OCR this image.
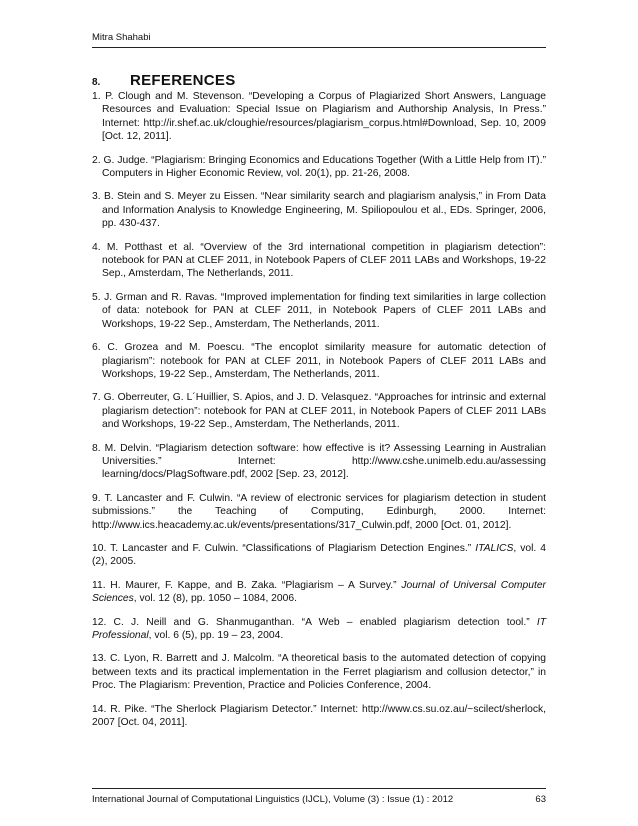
Mitra Shahabi
8.	REFERENCES

1. P. Clough and M. Stevenson. “Developing a Corpus of Plagiarized Short Answers, Language Resources and Evaluation: Special Issue on Plagiarism and Authorship Analysis, In Press.” Internet: http://ir.shef.ac.uk/cloughie/resources/plagiarism_corpus.html#Download, Sep. 10, 2009 [Oct. 12, 2011].

2. G. Judge. “Plagiarism: Bringing Economics and Educations Together (With a Little Help from IT).” Computers in Higher Economic Review, vol. 20(1), pp. 21-26, 2008.

3. B. Stein and S. Meyer zu Eissen. “Near similarity search and plagiarism analysis,” in From Data and Information Analysis to Knowledge Engineering, M. Spiliopoulou et al., EDs. Springer, 2006, pp. 430-437.

4. M. Potthast et al. “Overview of the 3rd international competition in plagiarism detection”: notebook for PAN at CLEF 2011, in Notebook Papers of CLEF 2011 LABs and Workshops, 19-22 Sep., Amsterdam, The Netherlands, 2011.

5. J. Grman and R. Ravas. “Improved implementation for finding text similarities in large collection of data: notebook for PAN at CLEF 2011, in Notebook Papers of CLEF 2011 LABs and Workshops, 19-22 Sep., Amsterdam, The Netherlands, 2011.

6. C. Grozea and M. Poescu. “The encoplot similarity measure for automatic detection of plagiarism”: notebook for PAN at CLEF 2011, in Notebook Papers of CLEF 2011 LABs and Workshops, 19-22 Sep., Amsterdam, The Netherlands, 2011.

7. G. Oberreuter, G. L´Huillier, S. Apios, and J. D. Velasquez. “Approaches for intrinsic and external plagiarism detection”: notebook for PAN at CLEF 2011, in Notebook Papers of CLEF 2011 LABs and Workshops, 19-22 Sep., Amsterdam, The Netherlands, 2011.

8. M. Delvin. “Plagiarism detection software: how effective is it? Assessing Learning in Australian Universities.” Internet: http://www.cshe.unimelb.edu.au/assessing learning/docs/PlagSoftware.pdf, 2002 [Sep. 23, 2012].

9. T. Lancaster and F. Culwin. “A review of electronic services for plagiarism detection in student submissions.” the Teaching of Computing, Edinburgh, 2000. Internet: http://www.ics.heacademy.ac.uk/events/presentations/317_Culwin.pdf, 2000 [Oct. 01, 2012].

10. T. Lancaster and F. Culwin. “Classifications of Plagiarism Detection Engines.” ITALICS, vol. 4 (2), 2005.

11. H. Maurer, F. Kappe, and B. Zaka. “Plagiarism – A Survey.” Journal of Universal Computer Sciences, vol. 12 (8), pp. 1050 – 1084, 2006.

12. C. J. Neill and G. Shanmuganthan. “A Web – enabled plagiarism detection tool.” IT Professional, vol. 6 (5), pp. 19 – 23, 2004.

13. C. Lyon, R. Barrett and J. Malcolm. “A theoretical basis to the automated detection of copying between texts and its practical implementation in the Ferret plagiarism and collusion detector,” in Proc. The Plagiarism: Prevention, Practice and Policies Conference, 2004.

14. R. Pike. “The Sherlock Plagiarism Detector.” Internet: http://www.cs.su.oz.au/~scilect/sherlock, 2007 [Oct. 04, 2011].

International Journal of Computational Linguistics (IJCL), Volume (3) : Issue (1) : 2012	63
